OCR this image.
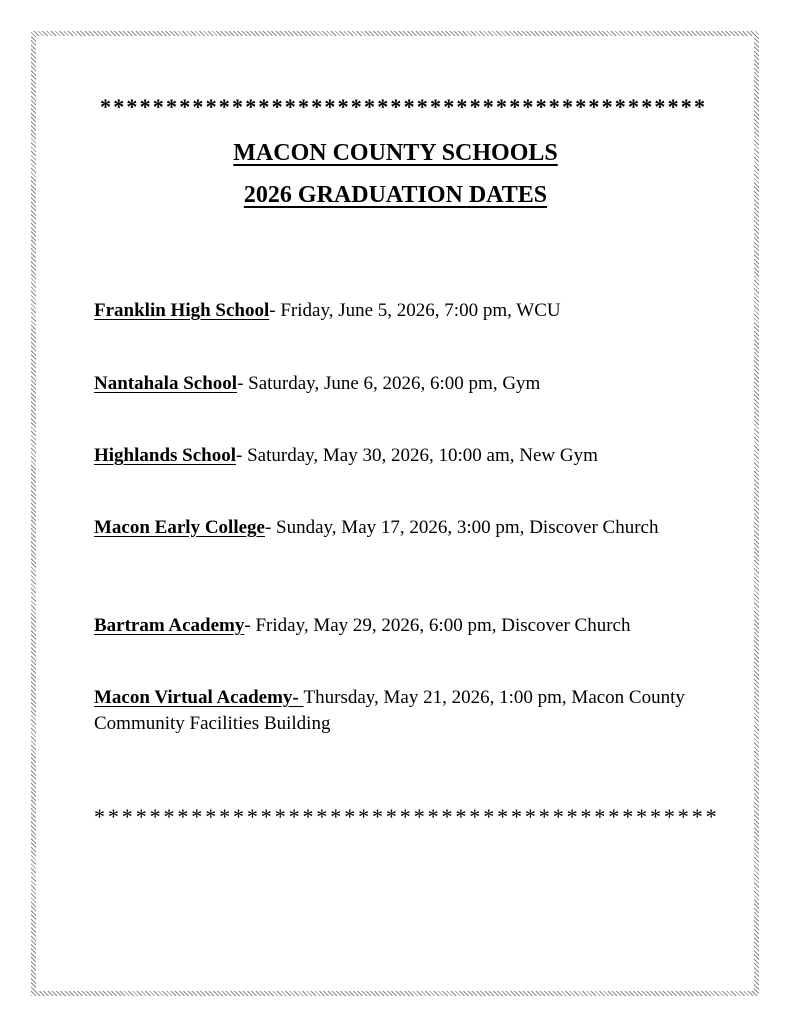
**********************************************
MACON COUNTY SCHOOLS
2026 GRADUATION DATES
Franklin High School- Friday, June 5, 2026, 7:00 pm, WCU
Nantahala School- Saturday, June 6, 2026, 6:00 pm, Gym
Highlands School- Saturday, May 30, 2026, 10:00 am, New Gym
Macon Early College- Sunday, May 17, 2026, 3:00 pm, Discover Church
Bartram Academy- Friday, May 29, 2026, 6:00 pm, Discover Church
Macon Virtual Academy- Thursday, May 21, 2026, 1:00 pm, Macon County Community Facilities Building
*********************************************
